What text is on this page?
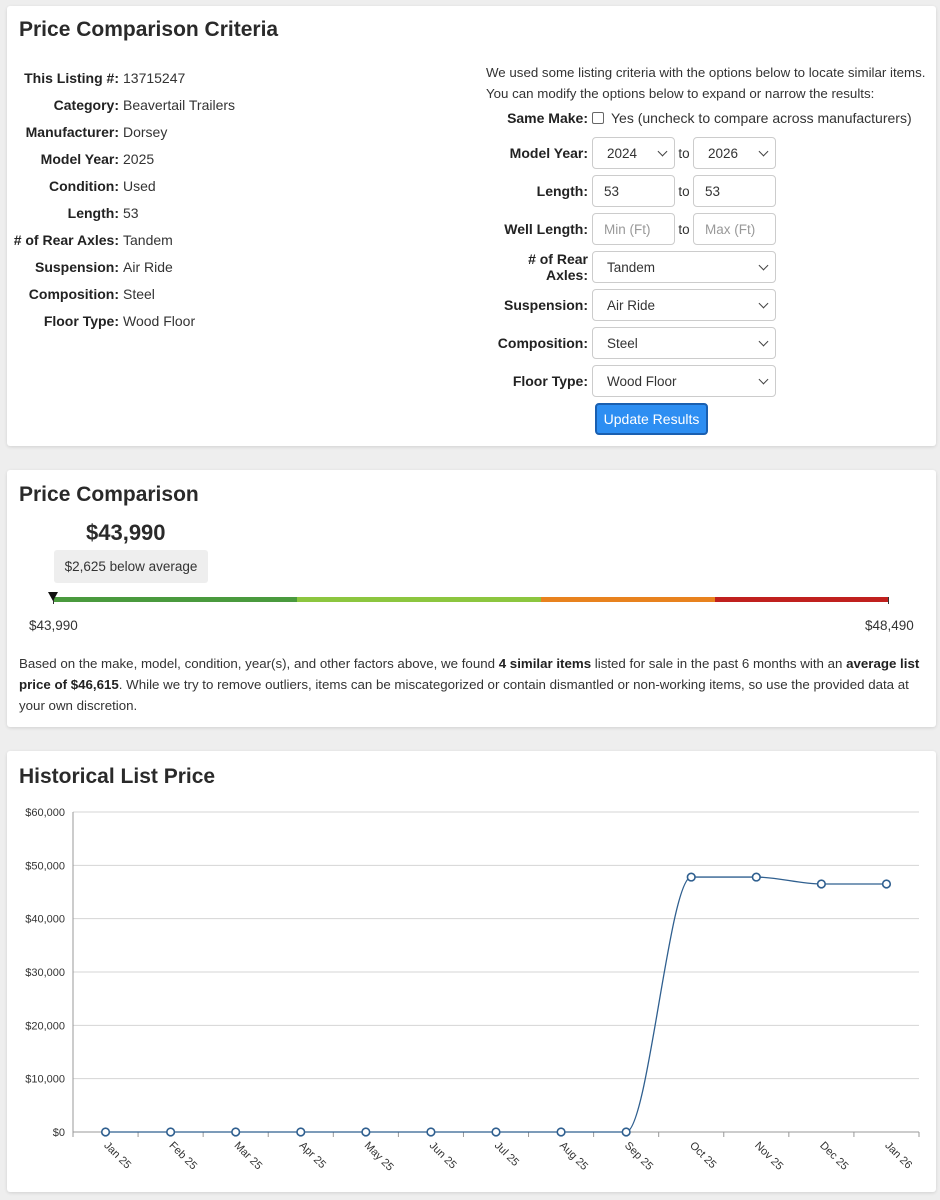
Price Comparison Criteria
This Listing #: 13715247
Category: Beavertail Trailers
Manufacturer: Dorsey
Model Year: 2025
Condition: Used
Length: 53
# of Rear Axles: Tandem
Suspension: Air Ride
Composition: Steel
Floor Type: Wood Floor
We used some listing criteria with the options below to locate similar items. You can modify the options below to expand or narrow the results:
Same Make: Yes (uncheck to compare across manufacturers)
Model Year: 2024	to 2026
Length:	53	to	53
Well Length:	Min (Ft)	to	Max (Ft)
# of Rear Axles: Tandem
Suspension: Air Ride
Composition: Steel
Floor Type: Wood Floor
Update Results
Price Comparison
$43,990
$2,625 below average
$43,990	$48,490
Based on the make, model, condition, year(s), and other factors above, we found 4 similar items listed for sale in the past 6 months with an average list price of $46,615. While we try to remove outliers, items can be miscategorized or contain dismantled or non-working items, so use the provided data at your own discretion.
Historical List Price
$0
$10,000
$20,000
$30,000
$40,000
$50,000
$60,000
Jan 25	Feb 25	Mar 25	Apr 25	May 25	Jun 25	Jul 25	Aug 25	Sep 25	Oct 25	Nov 25	Dec 25	Jan 26
